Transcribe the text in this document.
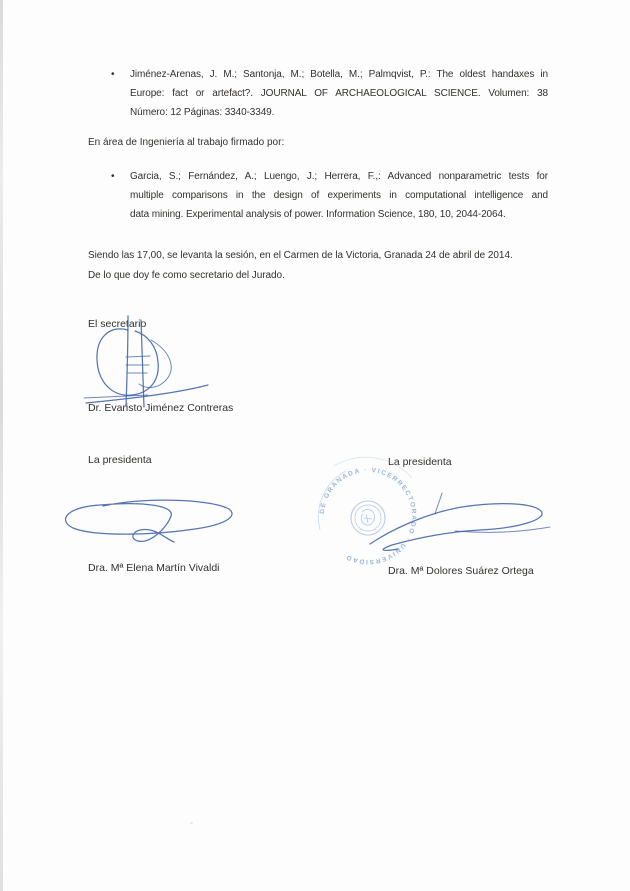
•	Jiménez-Arenas, J. M.; Santonja, M.; Botella, M.; Palmqvist, P.: The oldest handaxes in
Europe: fact or artefact?. JOURNAL OF ARCHAEOLOGICAL SCIENCE. Volumen: 38
Número: 12 Páginas: 3340-3349.
En área de Ingeniería al trabajo firmado por:
•	Garcia, S.; Fernández, A.; Luengo, J.; Herrera, F.,: Advanced nonparametric tests for
multiple comparisons in the design of experiments in computational intelligence and
data mining. Experimental analysis of power. Information Science, 180, 10, 2044-2064.
Siendo las 17,00, se levanta la sesión, en el Carmen de la Victoria, Granada 24 de abril de 2014.
De lo que doy fe como secretario del Jurado.
El secretario
Dr. Evaristo Jiménez Contreras
La presidenta	La presidenta
DE GRANADA · VICERRECTORADO · UNIVERSIDAD
Dra. Mª Elena Martín Vivaldi	Dra. Mª Dolores Suárez Ortega
